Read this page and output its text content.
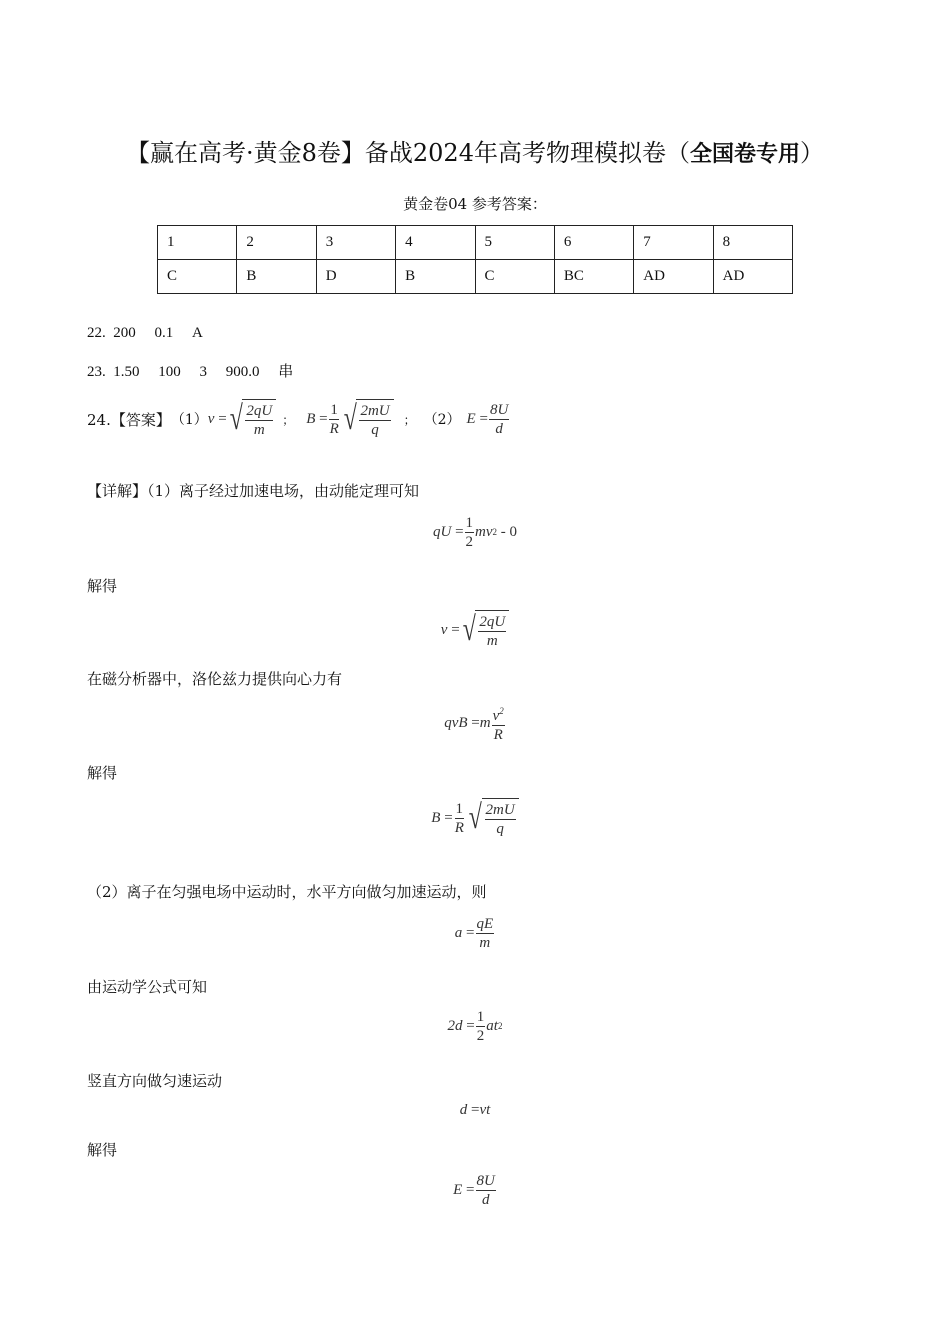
【赢在高考·黄金8卷】备战2024年高考物理模拟卷（全国卷专用）
黄金卷04 参考答案：
1	2	3	4	5	6	7	8
C	B	D	B	C	BC	AD	AD
22. 200 0.1 A
23. 1.50 100 3 900.0 串
24.【答案】 （1） v
= √ $\frac{2qU}{m}$ ； B
= $\frac{1}{R}$ √ $\frac{2mU}{q}$ ； （2） E
= $\frac{8U}{d}$
【详解】（1）离子经过加速电场，由动能定理可知
qU
= $\frac{1}{2}$ mv 2
- 0
解得
v
= √ $\frac{2qU}{m}$
在磁分析器中，洛伦兹力提供向心力有
qvB
= m $\frac{v^2}{R}$
解得
B
= $\frac{1}{R}$ √ $\frac{2mU}{q}$
（2）离子在匀强电场中运动时，水平方向做匀加速运动，则
a
= $\frac{qE}{m}$
由运动学公式可知
2d
= $\frac{1}{2}$ at 2
竖直方向做匀速运动
d
= vt
解得
E
= $\frac{8U}{d}$
